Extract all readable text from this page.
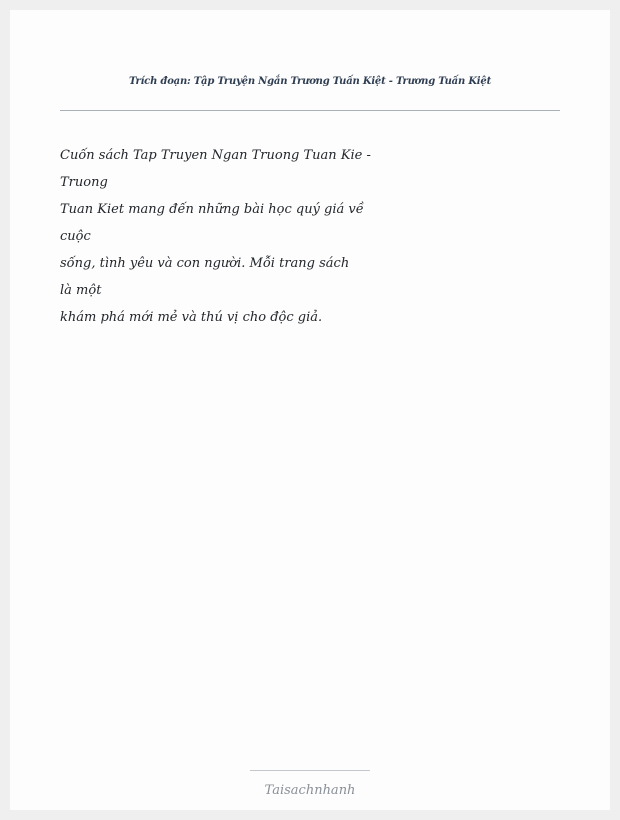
Trích đoạn: Tập Truyện Ngắn Trương Tuấn Kiệt - Trương Tuấn Kiệt
Cuốn sách Tap Truyen Ngan Truong Tuan Kie -
Truong
Tuan Kiet mang đến những bài học quý giá về
cuộc
sống, tình yêu và con người. Mỗi trang sách
là một
khám phá mới mẻ và thú vị cho độc giả.
Taisachnhanh
